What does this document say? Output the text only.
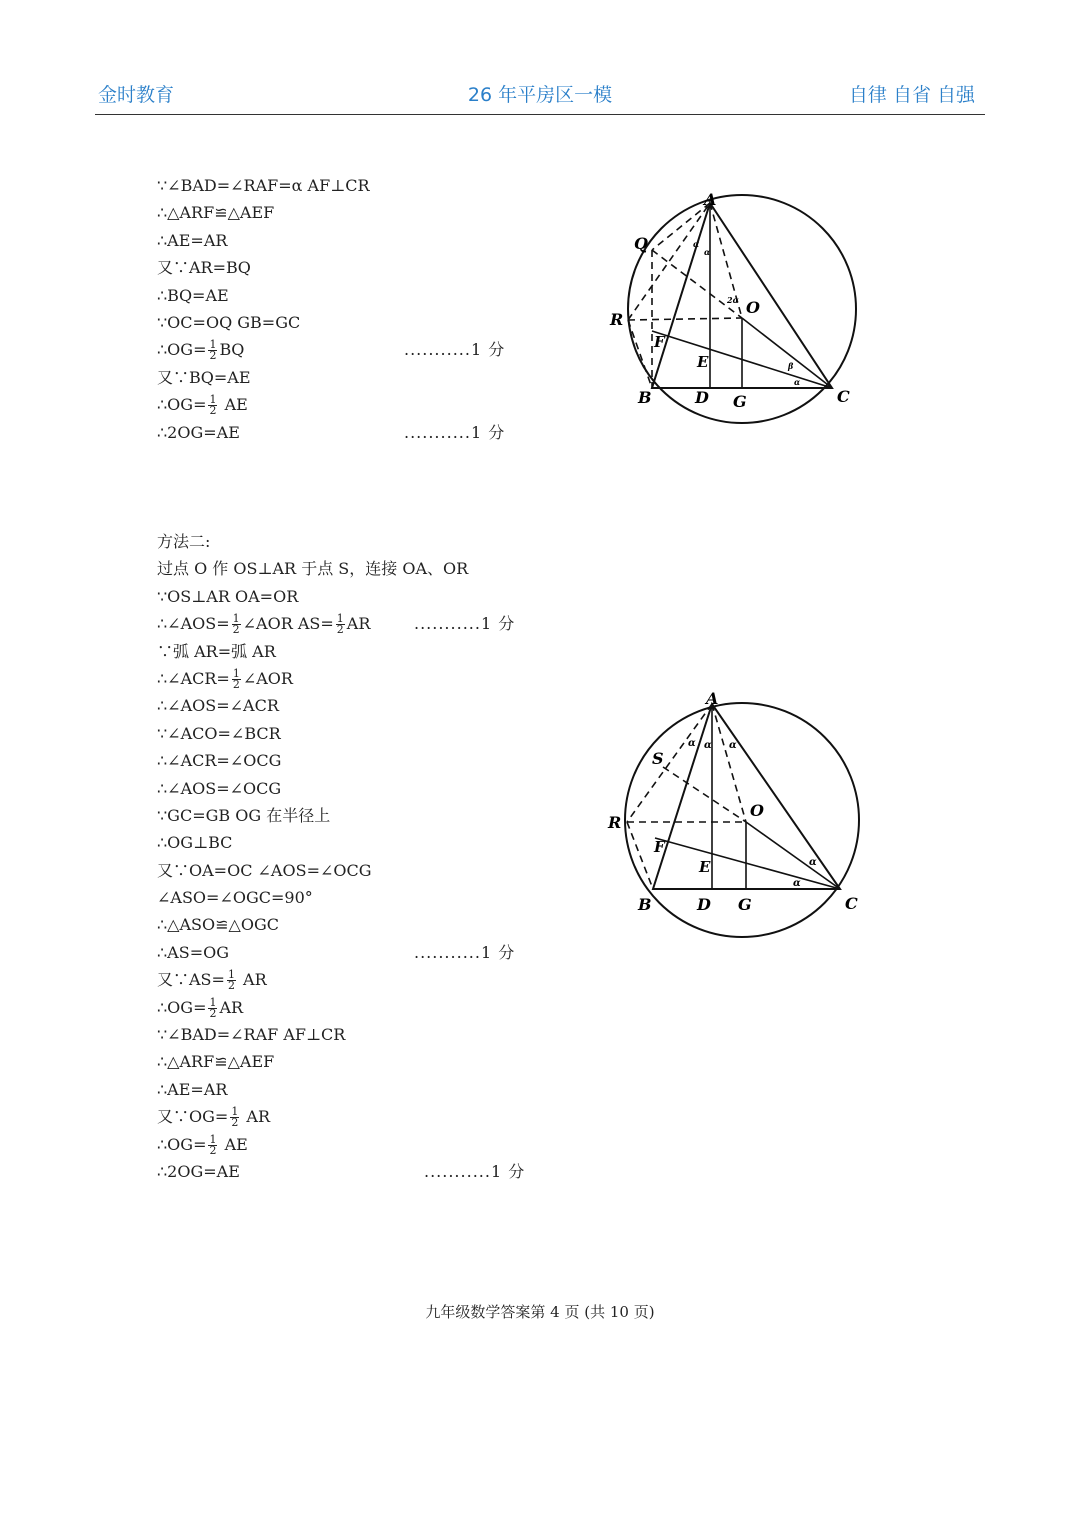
金时教育	26 年平房区一模	自律 自省 自强
∵∠BAD=∠RAF=α AF⊥CR
∴△ARF≌△AEF
∴AE=AR
又∵AR=BQ
∴BQ=AE
∵OC=OQ GB=GC
∴OG= $\frac{1}{2}$ BQ	...........1 分
又∵BQ=AE
∴OG= $\frac{1}{2}$ AE
∴2OG=AE	...........1 分
A
Q
O
R
F
E
B	D G	C
α
α
2α
β
α
方法二:
过点 O 作 OS⊥AR 于点 S，连接 OA、OR
∵OS⊥AR OA=OR
∴∠AOS= $\frac{1}{2}$ ∠AOR $AS= \frac{1}{2}$ AR	...........1 分
∵弧 AR=弧 AR
∴∠ACR= $\frac{1}{2}$ ∠AOR
∴∠AOS=∠ACR
∵∠ACO=∠BCR
∴∠ACR=∠OCG
∴∠AOS=∠OCG
∵GC=GB OG 在半径上
∴OG⊥BC
又∵OA=OC ∠AOS=∠OCG
∠ASO=∠OGC=90°
∴△ASO≌△OGC
∴AS=OG	...........1 分
又∵AS= $\frac{1}{2}$ AR
∴OG= $\frac{1}{2}$ AR
∵∠BAD=∠RAF AF⊥CR
∴△ARF≌△AEF
∴AE=AR
又∵OG= $\frac{1}{2}$ AR
∴OG= $\frac{1}{2}$ AE
∴2OG=AE	...........1 分
A
S
O
R
F
E
B	D G	C
α α α
α
α
九年级数学答案第 4 页 (共 10 页)
